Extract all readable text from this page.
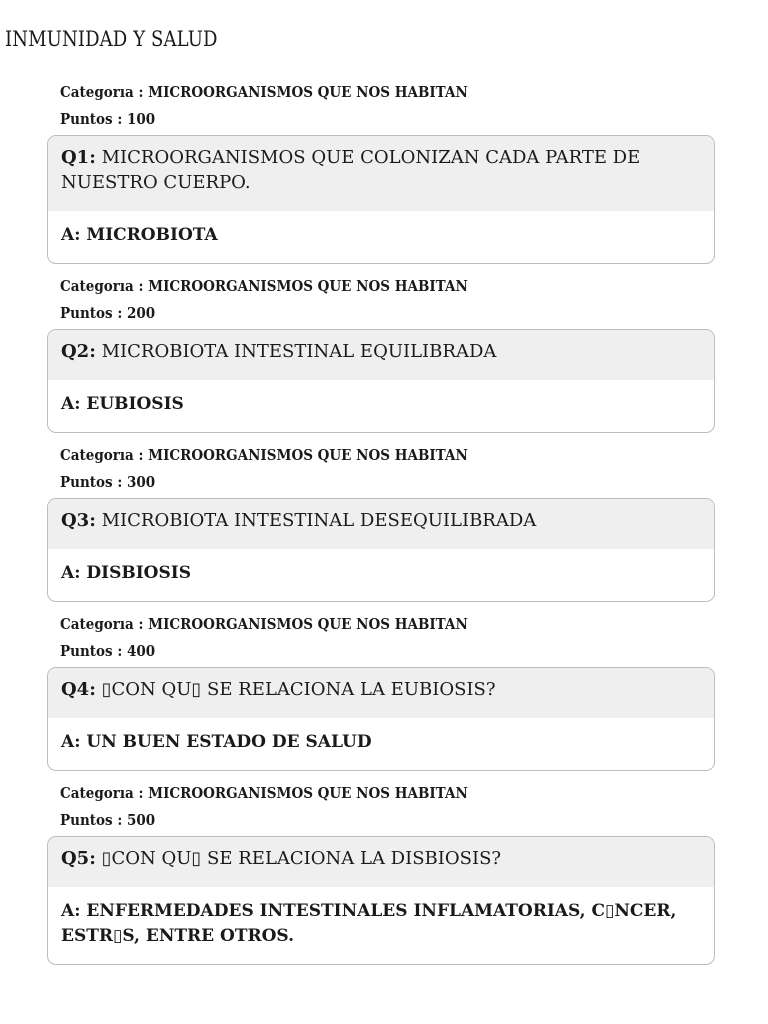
INMUNIDAD Y SALUD
Categorıa : MICROORGANISMOS QUE NOS HABITAN
Puntos : 100
Q1: MICROORGANISMOS QUE COLONIZAN CADA PARTE DE NUESTRO CUERPO.
A: MICROBIOTA
Categorıa : MICROORGANISMOS QUE NOS HABITAN
Puntos : 200
Q2: MICROBIOTA INTESTINAL EQUILIBRADA
A: EUBIOSIS
Categorıa : MICROORGANISMOS QUE NOS HABITAN
Puntos : 300
Q3: MICROBIOTA INTESTINAL DESEQUILIBRADA
A: DISBIOSIS
Categorıa : MICROORGANISMOS QUE NOS HABITAN
Puntos : 400
Q4: ▯CON QU▯ SE RELACIONA LA EUBIOSIS?
A: UN BUEN ESTADO DE SALUD
Categorıa : MICROORGANISMOS QUE NOS HABITAN
Puntos : 500
Q5: ▯CON QU▯ SE RELACIONA LA DISBIOSIS?
A: ENFERMEDADES INTESTINALES INFLAMATORIAS, C▯NCER, ESTR▯S, ENTRE OTROS.
